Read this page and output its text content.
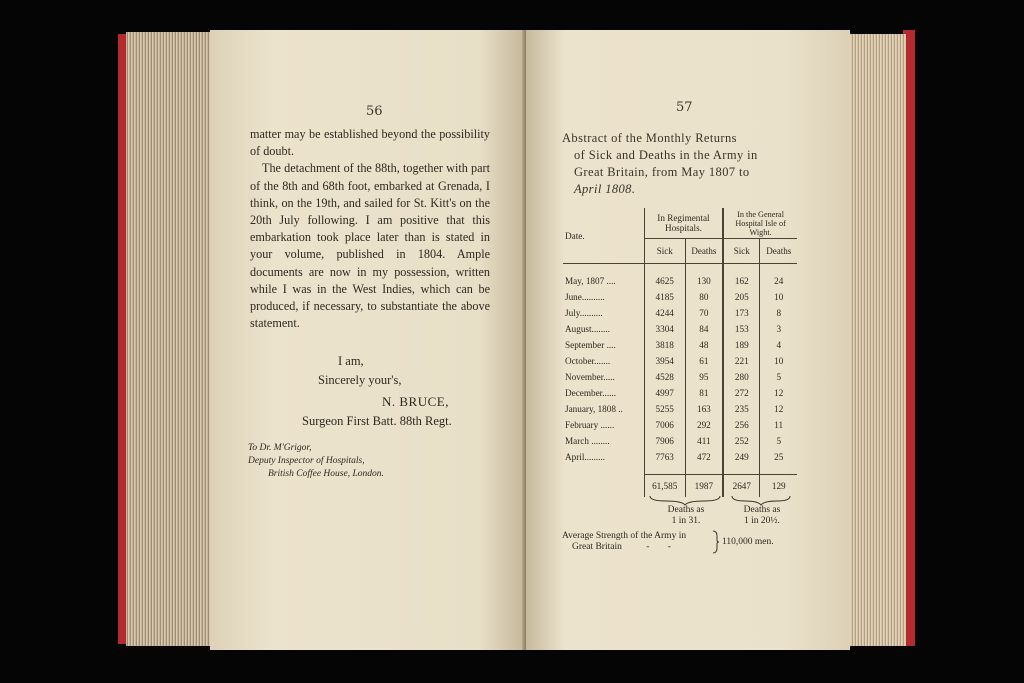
56

matter may be established beyond the possibility of doubt.

The detachment of the 88th, together with part of the 8th and 68th foot, embarked at Grenada, I think, on the 19th, and sailed for St. Kitt's on the 20th July following. I am positive that this embarkation took place later than is stated in your volume, published in 1804. Ample documents are now in my possession, written while I was in the West Indies, which can be produced, if necessary, to substantiate the above statement.

I am,
Sincerely your's,
N. BRUCE,
Surgeon First Batt. 88th Regt.
To Dr. M'Grigor,
Deputy Inspector of Hospitals,
British Coffee House, London.
57
Abstract of the Monthly Returns
of Sick and Deaths in the Army in
Great Britain, from May 1807 to
April 1808.
Date.	In Regimental Hospitals.		In the General Hospital Isle of Wight.	
	Sick	Deaths	Sick	Deaths

May, 1807 ....	4625	130	162	24
June..........	4185	80	205	10
July..........	4244	70	173	8
August........	3304	84	153	3
September ....	3818	48	189	4
October.......	3954	61	221	10
November.....	4528	95	280	5
December......	4997	81	272	12
January, 1808 ..	5255	163	235	12
February ......	7006	292	256	11
March ........	7906	411	252	5
April.........	7763	472	249	25

	61,585	1987	2647	129
Deaths as
1 in 31.
Deaths as
1 in 20½.
Average Strength of the Army in
Great Britain	- -	110,000 men.
